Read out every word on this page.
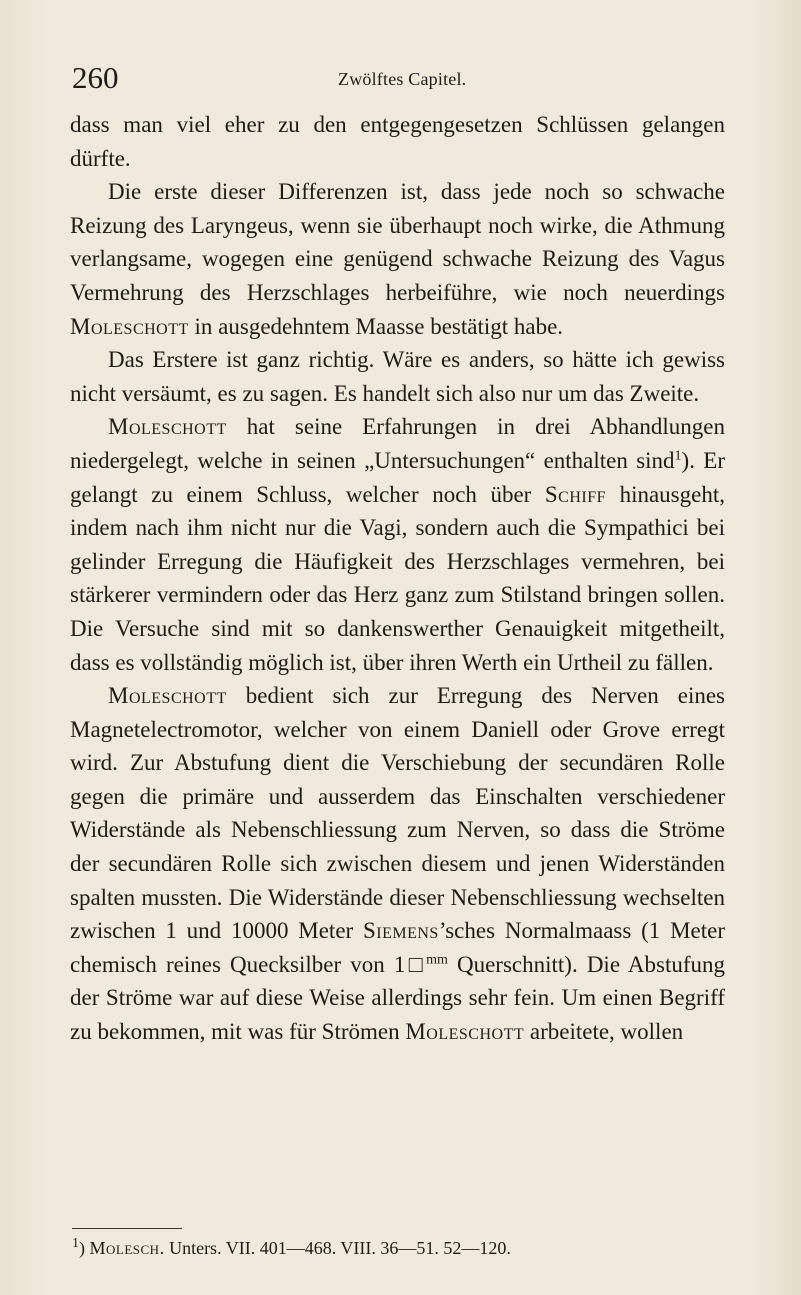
260	Zwölftes Capitel.

dass man viel eher zu den entgegengesetzen Schlüssen gelangen dürfte.

Die erste dieser Differenzen ist, dass jede noch so schwache Reizung des Laryngeus, wenn sie überhaupt noch wirke, die Athmung verlangsame, wogegen eine genügend schwache Reizung des Vagus Vermehrung des Herzschlages herbeiführe, wie noch neuerdings Moleschott in ausgedehntem Maasse bestätigt habe.

Das Erstere ist ganz richtig. Wäre es anders, so hätte ich gewiss nicht versäumt, es zu sagen. Es handelt sich also nur um das Zweite.

Moleschott hat seine Erfahrungen in drei Abhandlungen niedergelegt, welche in seinen „Untersuchungen“ enthalten sind$^1$). Er gelangt zu einem Schluss, welcher noch über Schiff hinausgeht, indem nach ihm nicht nur die Vagi, sondern auch die Sympathici bei gelinder Erregung die Häufigkeit des Herzschlages vermehren, bei stärkerer vermindern oder das Herz ganz zum Stilstand bringen sollen. Die Versuche sind mit so dankenswerther Genauigkeit mitgetheilt, dass es vollständig möglich ist, über ihren Werth ein Urtheil zu fällen.

Moleschott bedient sich zur Erregung des Nerven eines Magnetelectromotor, welcher von einem Daniell oder Grove erregt wird. Zur Abstufung dient die Verschiebung der secundären Rolle gegen die primäre und ausserdem das Einschalten verschiedener Widerstände als Nebenschliessung zum Nerven, so dass die Ströme der secundären Rolle sich zwischen diesem und jenen Widerständen spalten mussten. Die Widerstände dieser Nebenschliessung wechselten zwischen 1 und 10000 Meter Siemens’sches Normalmaass (1 Meter chemisch reines Quecksilber von 1□$^{mm}$ Querschnitt). Die Abstufung der Ströme war auf diese Weise allerdings sehr fein. Um einen Begriff zu bekommen, mit was für Strömen Moleschott arbeitete, wollen

$^1$) Molesch. Unters. VII. 401—468. VIII. 36—51. 52—120.
